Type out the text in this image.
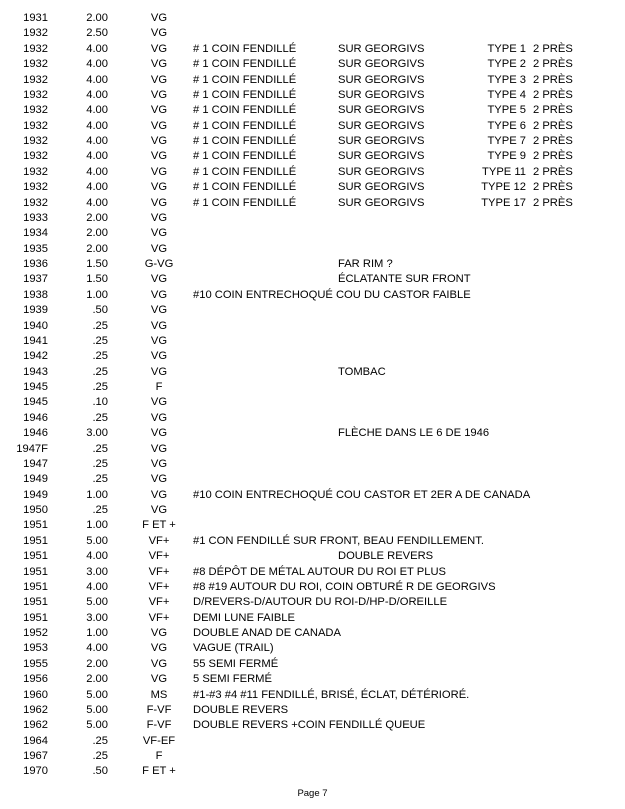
1931	2.00	VG
1932	2.50	VG
1932	4.00	VG	# 1 COIN FENDILLÉ	SUR GEORGIVS	TYPE 1 2 PRÈS
1932	4.00	VG	# 1 COIN FENDILLÉ	SUR GEORGIVS	TYPE 2 2 PRÈS
1932	4.00	VG	# 1 COIN FENDILLÉ	SUR GEORGIVS	TYPE 3 2 PRÈS
1932	4.00	VG	# 1 COIN FENDILLÉ	SUR GEORGIVS	TYPE 4 2 PRÈS
1932	4.00	VG	# 1 COIN FENDILLÉ	SUR GEORGIVS	TYPE 5 2 PRÈS
1932	4.00	VG	# 1 COIN FENDILLÉ	SUR GEORGIVS	TYPE 6 2 PRÈS
1932	4.00	VG	# 1 COIN FENDILLÉ	SUR GEORGIVS	TYPE 7 2 PRÈS
1932	4.00	VG	# 1 COIN FENDILLÉ	SUR GEORGIVS	TYPE 9 2 PRÈS
1932	4.00	VG	# 1 COIN FENDILLÉ	SUR GEORGIVS	TYPE 11 2 PRÈS
1932	4.00	VG	# 1 COIN FENDILLÉ	SUR GEORGIVS	TYPE 12 2 PRÈS
1932	4.00	VG	# 1 COIN FENDILLÉ	SUR GEORGIVS	TYPE 17 2 PRÈS
1933	2.00	VG
1934	2.00	VG
1935	2.00	VG
1936	1.50	G-VG	FAR RIM ?
1937	1.50	VG	ÉCLATANTE SUR FRONT
1938	1.00	VG	#10 COIN ENTRECHOQUÉ COU DU CASTOR FAIBLE
1939	.50	VG
1940	.25	VG
1941	.25	VG
1942	.25	VG
1943	.25	VG	TOMBAC
1945	.25	F
1945	.10	VG
1946	.25	VG
1946	3.00	VG	FLÈCHE DANS LE 6 DE 1946
1947F	.25	VG
1947	.25	VG
1949	.25	VG
1949	1.00	VG	#10 COIN ENTRECHOQUÉ COU CASTOR ET 2ER A DE CANADA
1950	.25	VG
1951	1.00	F ET +
1951	5.00	VF+	#1 CON FENDILLÉ SUR FRONT, BEAU FENDILLEMENT.
1951	4.00	VF+	DOUBLE REVERS
1951	3.00	VF+	#8 DÉPÔT DE MÉTAL AUTOUR DU ROI ET PLUS
1951	4.00	VF+	#8 #19 AUTOUR DU ROI, COIN OBTURÉ R DE GEORGIVS
1951	5.00	VF+	D/REVERS-D/AUTOUR DU ROI-D/HP-D/OREILLE
1951	3.00	VF+	DEMI LUNE FAIBLE
1952	1.00	VG	DOUBLE ANAD DE CANADA
1953	4.00	VG	VAGUE (TRAIL)
1955	2.00	VG	55 SEMI FERMÉ
1956	2.00	VG	5 SEMI FERMÉ
1960	5.00	MS	#1-#3 #4 #11 FENDILLÉ, BRISÉ, ÉCLAT, DÉTÉRIORÉ.
1962	5.00	F-VF	DOUBLE REVERS
1962	5.00	F-VF	DOUBLE REVERS +COIN FENDILLÉ QUEUE
1964	.25	VF-EF
1967	.25	F
1970	.50	F ET +
Page 7
